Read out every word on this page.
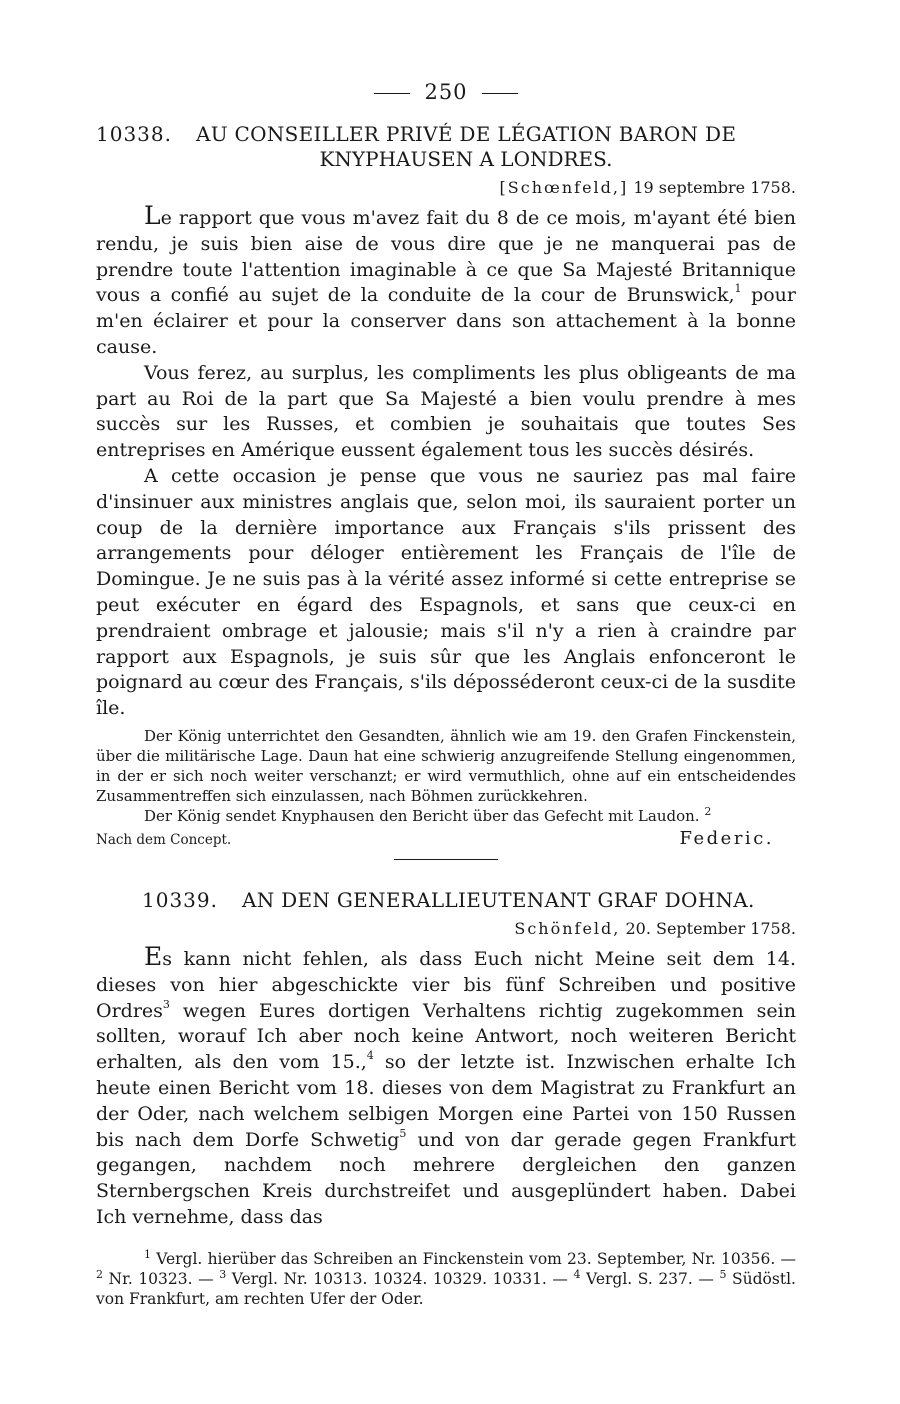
250
10338. AU CONSEILLER PRIVÉ DE LÉGATION BARON DE
KNYPHAUSEN A LONDRES.
[Schœnfeld,] 19 septembre 1758.

Le rapport que vous m'avez fait du 8 de ce mois, m'ayant été bien rendu, je suis bien aise de vous dire que je ne manquerai pas de prendre toute l'attention imaginable à ce que Sa Majesté Britannique vous a confié au sujet de la conduite de la cour de Brunswick,$^1$ pour m'en éclairer et pour la conserver dans son attachement à la bonne cause.

Vous ferez, au surplus, les compliments les plus obligeants de ma part au Roi de la part que Sa Majesté a bien voulu prendre à mes succès sur les Russes, et combien je souhaitais que toutes Ses entreprises en Amérique eussent également tous les succès désirés.

A cette occasion je pense que vous ne sauriez pas mal faire d'insinuer aux ministres anglais que, selon moi, ils sauraient porter un coup de la dernière importance aux Français s'ils prissent des arrangements pour déloger entièrement les Français de l'île de Domingue. Je ne suis pas à la vérité assez informé si cette entreprise se peut exécuter en égard des Espagnols, et sans que ceux-ci en prendraient ombrage et jalousie; mais s'il n'y a rien à craindre par rapport aux Espagnols, je suis sûr que les Anglais enfonceront le poignard au cœur des Français, s'ils déposséderont ceux-ci de la susdite île.

Der König unterrichtet den Gesandten, ähnlich wie am 19. den Grafen Finckenstein, über die militärische Lage. Daun hat eine schwierig anzugreifende Stellung eingenommen, in der er sich noch weiter verschanzt; er wird vermuthlich, ohne auf ein entscheidendes Zusammentreffen sich einzulassen, nach Böhmen zurückkehren.

Der König sendet Knyphausen den Bericht über das Gefecht mit Laudon. $^2$

Nach dem Concept.	Federic.
10339. AN DEN GENERALLIEUTENANT GRAF DOHNA.
Schönfeld, 20. September 1758.

Es kann nicht fehlen, als dass Euch nicht Meine seit dem 14. dieses von hier abgeschickte vier bis fünf Schreiben und positive Ordres$^3$ wegen Eures dortigen Verhaltens richtig zugekommen sein sollten, worauf Ich aber noch keine Antwort, noch weiteren Bericht erhalten, als den vom 15.,$^4$ so der letzte ist. Inzwischen erhalte Ich heute einen Bericht vom 18. dieses von dem Magistrat zu Frankfurt an der Oder, nach welchem selbigen Morgen eine Partei von 150 Russen bis nach dem Dorfe Schwetig$^5$ und von dar gerade gegen Frankfurt gegangen, nachdem noch mehrere dergleichen den ganzen Sternbergschen Kreis durchstreifet und ausgeplündert haben. Dabei Ich vernehme, dass das

$^1$ Vergl. hierüber das Schreiben an Finckenstein vom 23. September, Nr. 10356. — $^2$ Nr. 10323. — $^3$ Vergl. Nr. 10313. 10324. 10329. 10331. — $^4$ Vergl. S. 237. — $^5$ Südöstl. von Frankfurt, am rechten Ufer der Oder.
